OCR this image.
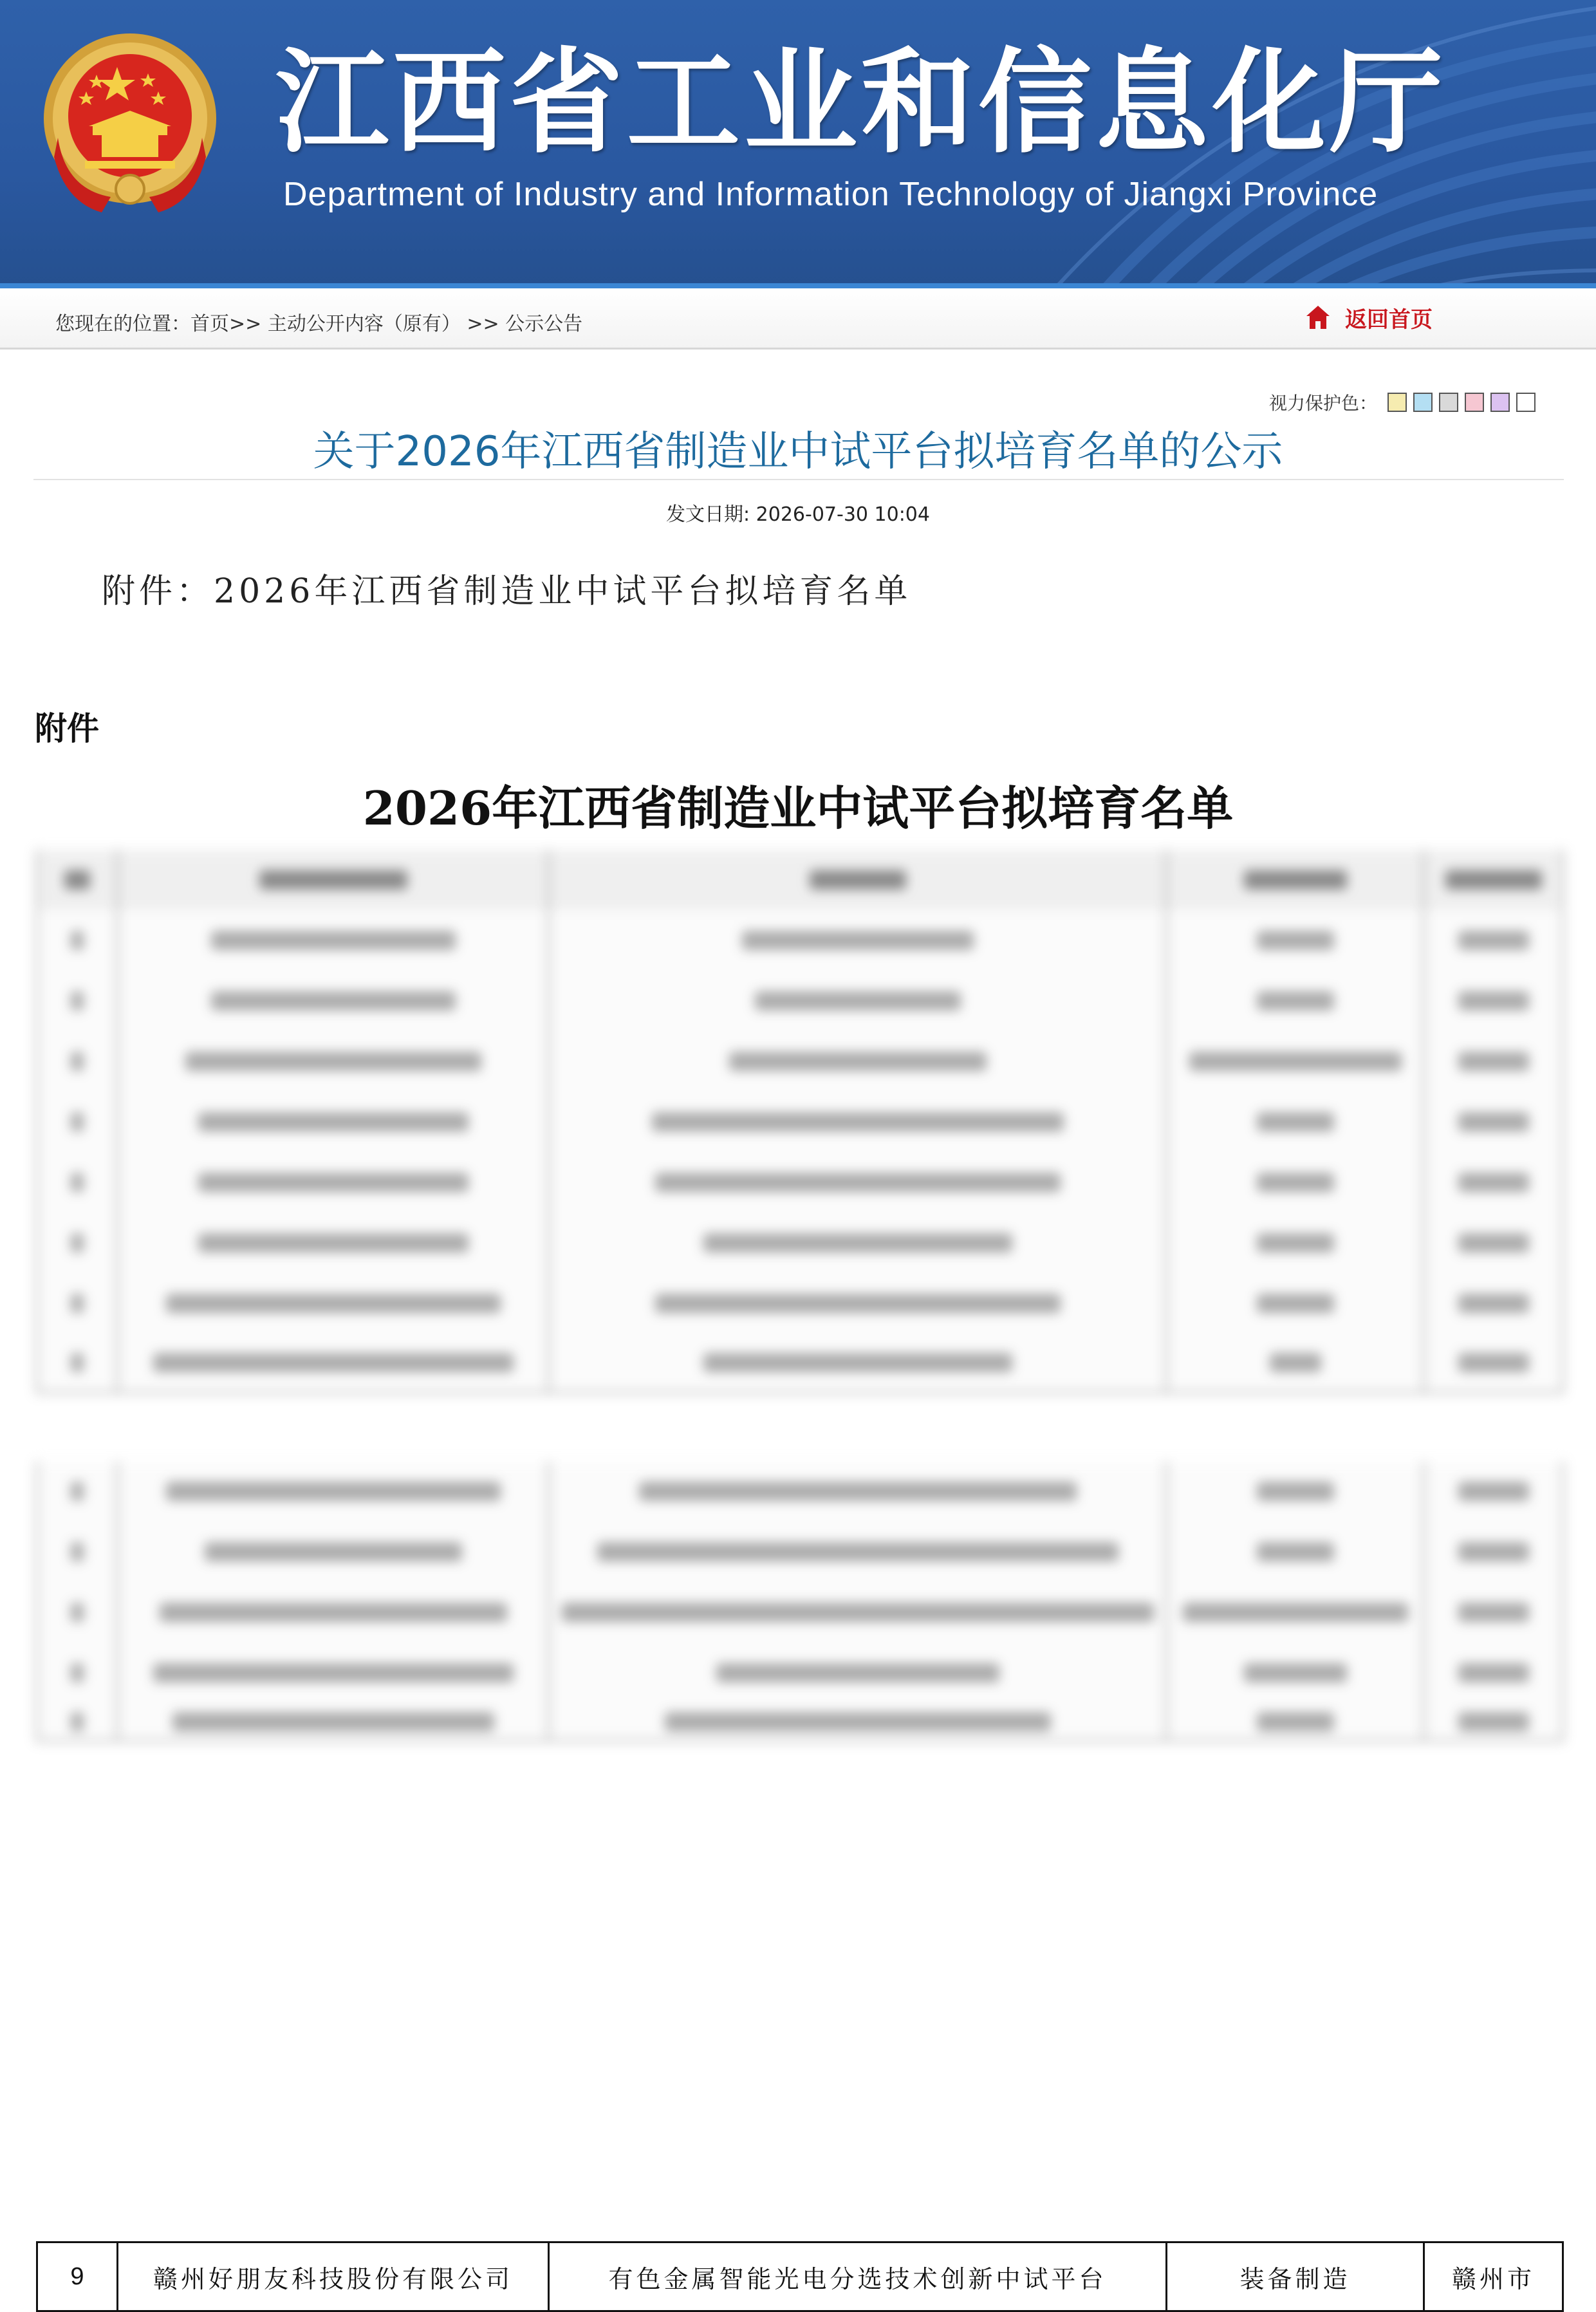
江西省工业和信息化厅
Department of Industry and Information Technology of Jiangxi Province
您现在的位置：首页>> 主动公开内容（原有） >> 公示公告	返回首页
视力保护色：
关于2026年江西省制造业中试平台拟培育名单的公示
发文日期: 2026-07-30 10:04
附件：2026年江西省制造业中试平台拟培育名单
附件
2026年江西省制造业中试平台拟培育名单
9	赣州好朋友科技股份有限公司	有色金属智能光电分选技术创新中试平台	装备制造	赣州市
